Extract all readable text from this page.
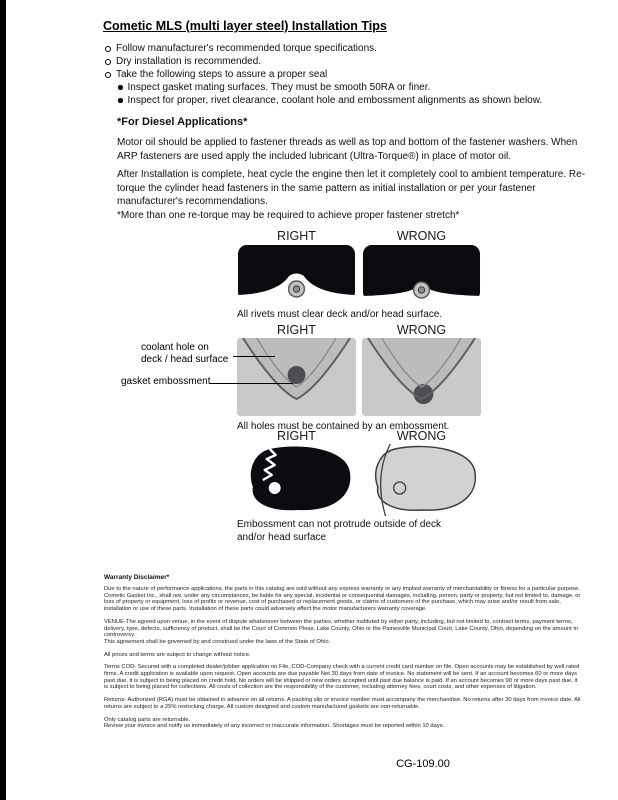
Cometic MLS (multi layer steel) Installation Tips
Follow manufacturer's recommended torque specifications.
Dry installation is recommended.
Take the following steps to assure a proper seal
Inspect gasket mating surfaces. They must be smooth 50RA or finer.
Inspect for proper, rivet clearance, coolant hole and embossment alignments as shown below.
*For Diesel Applications*

Motor oil should be applied to fastener threads as well as top and bottom of the fastener washers. When ARP fasteners are used apply the included lubricant (Ultra-Torque®) in place of motor oil.

After Installation is complete, heat cycle the engine then let it completely cool to ambient temperature. Re-torque the cylinder head fasteners in the same pattern as initial installation or per your fastener manufacturer's recommendations.

*More than one re-torque may be required to achieve proper fastener stretch*

RIGHT	WRONG
All rivets must clear deck and/or head surface.
RIGHT	WRONG
coolant hole on
deck / head surface
gasket embossment
All holes must be contained by an embossment.
RIGHT	WRONG
Embossment can not protrude outside of deck and/or head surface
Warranty Disclaimer*

Due to the nature of performance applications, the parts in this catalog are sold without any express warranty or any implied warranty of merchantability or fitness for a particular purpose. Cometic Gasket Inc., shall not, under any circumstances, be liable for any special, incidental or consequential damages, including, person, party or property, but not limited to, damage, or loss of property or equipment, loss of profits or revenue, cost of purchased or replacement goods, or claims of customers of the purchase, which may arise and/or result from sale, installation or use of these parts. Installation of these parts could adversely affect the motor manufacturers warranty coverage.

VENUE-The agreed upon venue, in the event of dispute whatsoever between the parties, whether instituted by either party, including, but not limited to, contract terms, payment terms, delivery, type, defects, sufficiency of product, shall be the Court of Common Pleas, Lake County, Ohio or the Painesville Municipal Court, Lake County, Ohio, depending on the amount in controversy.

This agreement shall be governed by and construed under the laws of the State of Ohio.

All prices and terms are subject to change without notice.

Terms COD- Secured with a completed dealer/jobber application on File, COD-Company check with a current credit card number on file. Open accounts may be established by well rated firms. A credit application is available upon request. Open accounts are due payable Net 30 days from date of invoice. No statement will be sent. If an account becomes 60 or more days past due, it is subject to being placed on credit hold. No orders will be shipped or new orders accepted until past due balance is paid. If an account becomes 90 or more days past due, it is subject to being placed for collections. All costs of collection are the responsibility of the customer, including attorney fees, court costs, and other expenses of litigation.

Returns- Authorized (RGA) must be obtained in advance on all returns. A packing slip or invoice number must accompany the merchandise. No returns after 30 days from invoice date. All returns are subject to a 25% restocking charge. All custom designed and custom manufactured gaskets are non-returnable.

Only catalog parts are returnable.

Review your invoice and notify us immediately of any incorrect or inaccurate information. Shortages must be reported within 10 days.

CG-109.00
